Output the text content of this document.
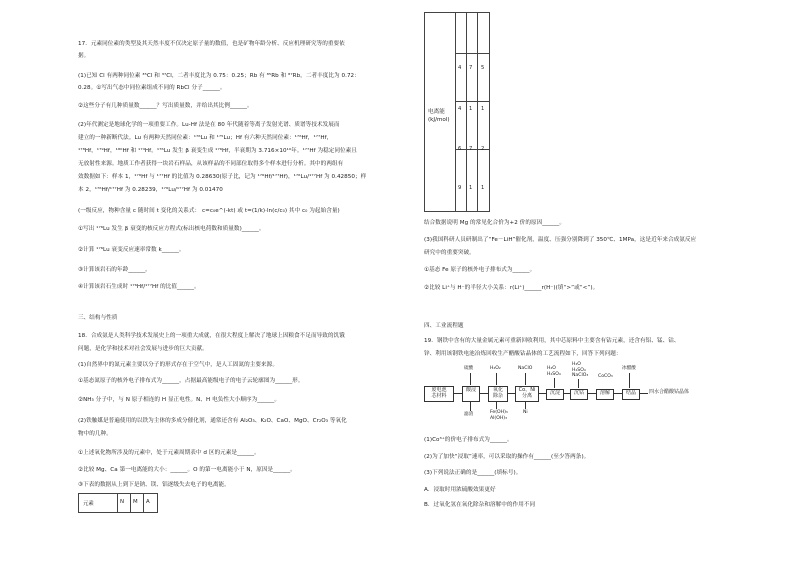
17．元素同位素的类型及其天然丰度不仅决定原子量的数值，也是矿物年龄分析、反应机理研究等的重要依
据。
(1)已知 Cl 有两种同位素 ³⁵Cl 和 ³⁷Cl，二者丰度比为 0.75：0.25；Rb 有 ⁸⁵Rb 和 ⁸⁷Rb，二者丰度比为 0.72：
0.28。①写出气态中同位素组成不同的 RbCl 分子______。
②这些分子有几种质量数______？写出质量数，并给出其比例______。
(2)年代测定是地球化学的一项重要工作。Lu-Hf 法是在 80 年代随着等离子发射光谱、质谱等技术发展而
建立的一种新断代法。Lu 有两种天然同位素：¹⁷⁶Lu 和 ¹⁷⁵Lu；Hf 有六种天然同位素：¹⁷⁶Hf，¹⁷⁷Hf，
¹⁷⁸Hf，¹⁷⁹Hf，¹⁸⁰Hf 和 ¹⁷⁴Hf。¹⁷⁶Lu 发生 β 衰变生成 ¹⁷⁶Hf，半衰期为 3.716×10¹⁰年。¹⁷⁷Hf 为稳定同位素且
无放射性来源。地质工作者获得一块岩石样品，从该样品的不同部位取得多个样本进行分析。其中的两组有
效数据如下：样本 1，¹⁷⁶Hf 与 ¹⁷⁷Hf 的比值为 0.28630(原子比，记为 ¹⁷⁶Hf/¹⁷⁷Hf)，¹⁷⁶Lu/¹⁷⁷Hf 为 0.42850；样
本 2，¹⁷⁶Hf/¹⁷⁷Hf 为 0.28239，¹⁷⁶Lu/¹⁷⁷Hf 为 0.01470
(一级反应，物种含量 c 随时间 t 变化的关系式： c=c₀e^(-kt) 或 t=(1/k)·ln(c/c₀) 其中 c₀ 为起始含量)
①写出 ¹⁷⁶Lu 发生 β 衰变的核反应方程式(标出核电荷数和质量数)______。
②计算 ¹⁷⁶Lu 衰变反应速率常数 k______。
③计算该岩石的年龄______。
④计算该岩石生成时 ¹⁷⁶Hf/¹⁷⁷Hf 的比值______。
三、结构与性质
18．合成氨是人类科学技术发展史上的一项重大成就，在很大程度上解决了地球上因粮食不足而导致的饥饿
问题，是化学和技术对社会发展与进步的巨大贡献。
(1)自然界中的氮元素主要以分子的形式存在于空气中，是人工固氮的主要来源。
①基态氮原子的核外电子排布式为______，占据最高能级电子的电子云轮廓图为______形。
②NH₃ 分子中，与 N 原子相连的 H 显正电性。N、H 电负性大小顺序为______。
(2)铁触媒是普遍使用的以铁为主体的多成分催化剂，通常还含有 Al₂O₃、K₂O、CaO、MgO、Cr₂O₃ 等氧化
物中的几种。
①上述氧化物所涉及的元素中，处于元素周期表中 d 区的元素是______。
②比较 Mg、Ca 第一电离能的大小：______。O 的第一电离能小于 N，原因是______。
③下表的数据从上到下是钠、镁、铝逐级失去电子的电离能。
元素	N M A
电离能
(kJ/mol)
4 7 5
4 1 1
6 7 2
9 1 1
结合数据说明 Mg 的常见化合价为+2 价的原因______。
(3)我国科研人员研制出了“Fe－LiH”催化剂，温度、压强分别降到了 350℃、1MPa，这是近年来合成氨反应
研究中的重要突破。
①基态 Fe 原子的核外电子排布式为______。
②比较 Li⁺与 H⁻的半径大小关系：r(Li⁺)______r(H⁻)(填“>”或“<”)。
四、工业流程题
19．钢铁中含有的大量金属元素可重新回收利用，其中芯原料中主要含有钴元素，还含有铝、锰、钴、
锌、利用该钢铁电池冶炼回收生产醋酸钴晶体的工艺流程如下，回答下列问题：
废电池
芯材料
酸浸	氧化
除杂
Co、Ni
分离	沉淀	沉钴	溶解	结晶	四水合醋酸钴晶体
硫酸	H₂O₂	NaClO	H₂O
H₂SO₄
H₂O
H₂SO₄
NaClO₃ CoCO₃
冰醋酸
滤渣	Fe(OH)₃
Al(OH)₃
Ni
(1)Co³⁺的价电子排布式为______。
(2)为了加快“浸取”速率，可以采取的操作有______(至少答两条)。
(3)下列说法正确的是______(填标号)。
A．浸取时用浓硫酸效果更好
B．过氧化氢在氧化除杂和溶解中的作用不同
